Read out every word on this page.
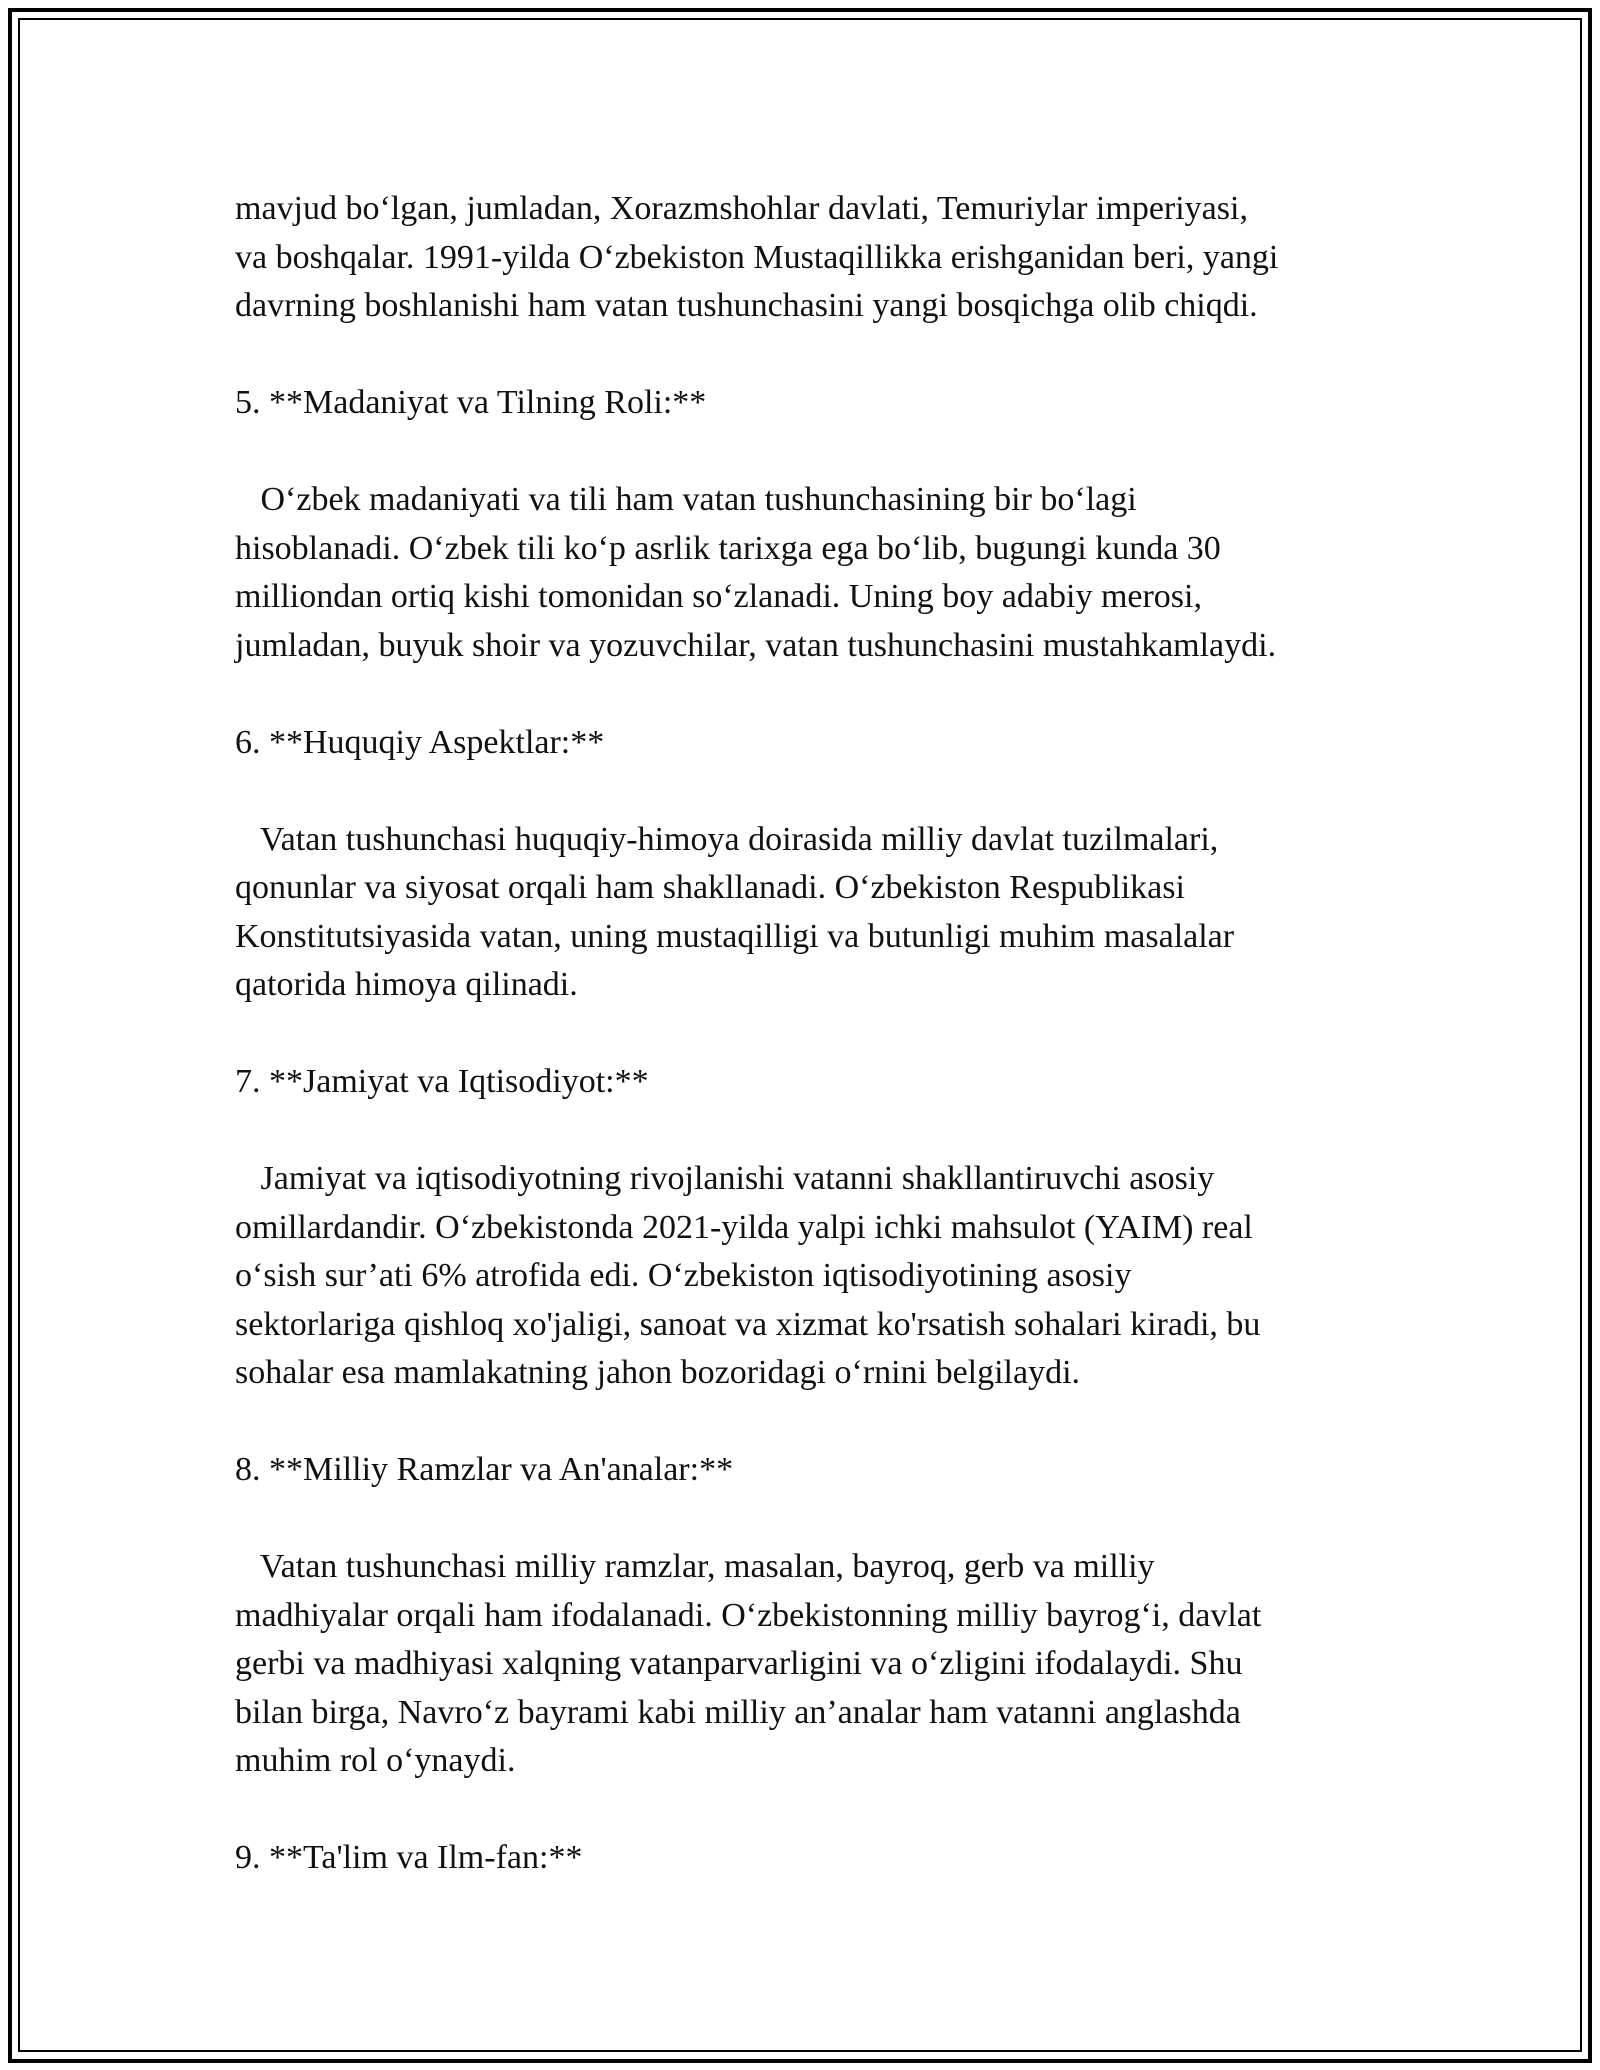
mavjud bo‘lgan, jumladan, Xorazmshohlar davlati, Temuriylar imperiyasi,
va boshqalar. 1991-yilda O‘zbekiston Mustaqillikka erishganidan beri, yangi
davrning boshlanishi ham vatan tushunchasini yangi bosqichga olib chiqdi.

5. **Madaniyat va Tilning Roli:**

O‘zbek madaniyati va tili ham vatan tushunchasining bir bo‘lagi
hisoblanadi. O‘zbek tili ko‘p asrlik tarixga ega bo‘lib, bugungi kunda 30
milliondan ortiq kishi tomonidan so‘zlanadi. Uning boy adabiy merosi,
jumladan, buyuk shoir va yozuvchilar, vatan tushunchasini mustahkamlaydi.

6. **Huquqiy Aspektlar:**

Vatan tushunchasi huquqiy-himoya doirasida milliy davlat tuzilmalari,
qonunlar va siyosat orqali ham shakllanadi. O‘zbekiston Respublikasi
Konstitutsiyasida vatan, uning mustaqilligi va butunligi muhim masalalar
qatorida himoya qilinadi.

7. **Jamiyat va Iqtisodiyot:**

Jamiyat va iqtisodiyotning rivojlanishi vatanni shakllantiruvchi asosiy
omillardandir. O‘zbekistonda 2021-yilda yalpi ichki mahsulot (YAIM) real
o‘sish sur’ati 6% atrofida edi. O‘zbekiston iqtisodiyotining asosiy
sektorlariga qishloq xo'jaligi, sanoat va xizmat ko'rsatish sohalari kiradi, bu
sohalar esa mamlakatning jahon bozoridagi o‘rnini belgilaydi.

8. **Milliy Ramzlar va An'analar:**

Vatan tushunchasi milliy ramzlar, masalan, bayroq, gerb va milliy
madhiyalar orqali ham ifodalanadi. O‘zbekistonning milliy bayrog‘i, davlat
gerbi va madhiyasi xalqning vatanparvarligini va o‘zligini ifodalaydi. Shu
bilan birga, Navro‘z bayrami kabi milliy an’analar ham vatanni anglashda
muhim rol o‘ynaydi.

9. **Ta'lim va Ilm-fan:**
